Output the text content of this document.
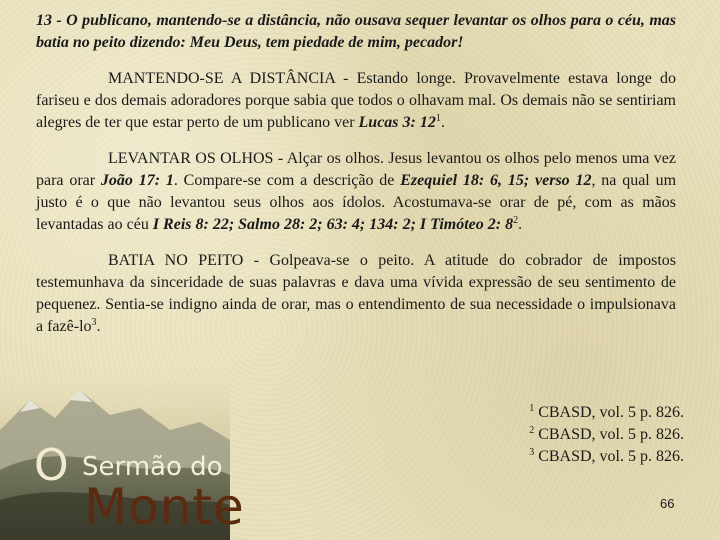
13 - O publicano, mantendo-se a distância, não ousava sequer levantar os olhos para o céu, mas batia no peito dizendo: Meu Deus, tem piedade de mim, pecador!

MANTENDO-SE A DISTÂNCIA - Estando longe. Provavelmente estava longe do fariseu e dos demais adoradores porque sabia que todos o olhavam mal. Os demais não se sentiriam alegres de ter que estar perto de um publicano ver Lucas 3: $12^1$.

LEVANTAR OS OLHOS - Alçar os olhos. Jesus levantou os olhos pelo menos uma vez para orar João 17: 1. Compare-se com a descrição de Ezequiel 18: 6, 15; verso 12, na qual um justo é o que não levantou seus olhos aos ídolos. Acostumava-se orar de pé, com as mãos levantadas ao céu I Reis 8: 22; Salmo 28: 2; 63: 4; 134: 2; I Timóteo 2: $8^2$.

BATIA NO PEITO - Golpeava-se o peito. A atitude do cobrador de impostos testemunhava da sinceridade de suas palavras e dava uma vívida expressão de seu sentimento de pequenez. Sentia-se indigno ainda de orar, mas o entendimento de sua necessidade o impulsionava a fazê-$lo^3$.

$^1$ CBASD, vol. 5 p. 826.
$^2$ CBASD, vol. 5 p. 826.
$^3$ CBASD, vol. 5 p. 826.
O Sermão do
Monte	66
